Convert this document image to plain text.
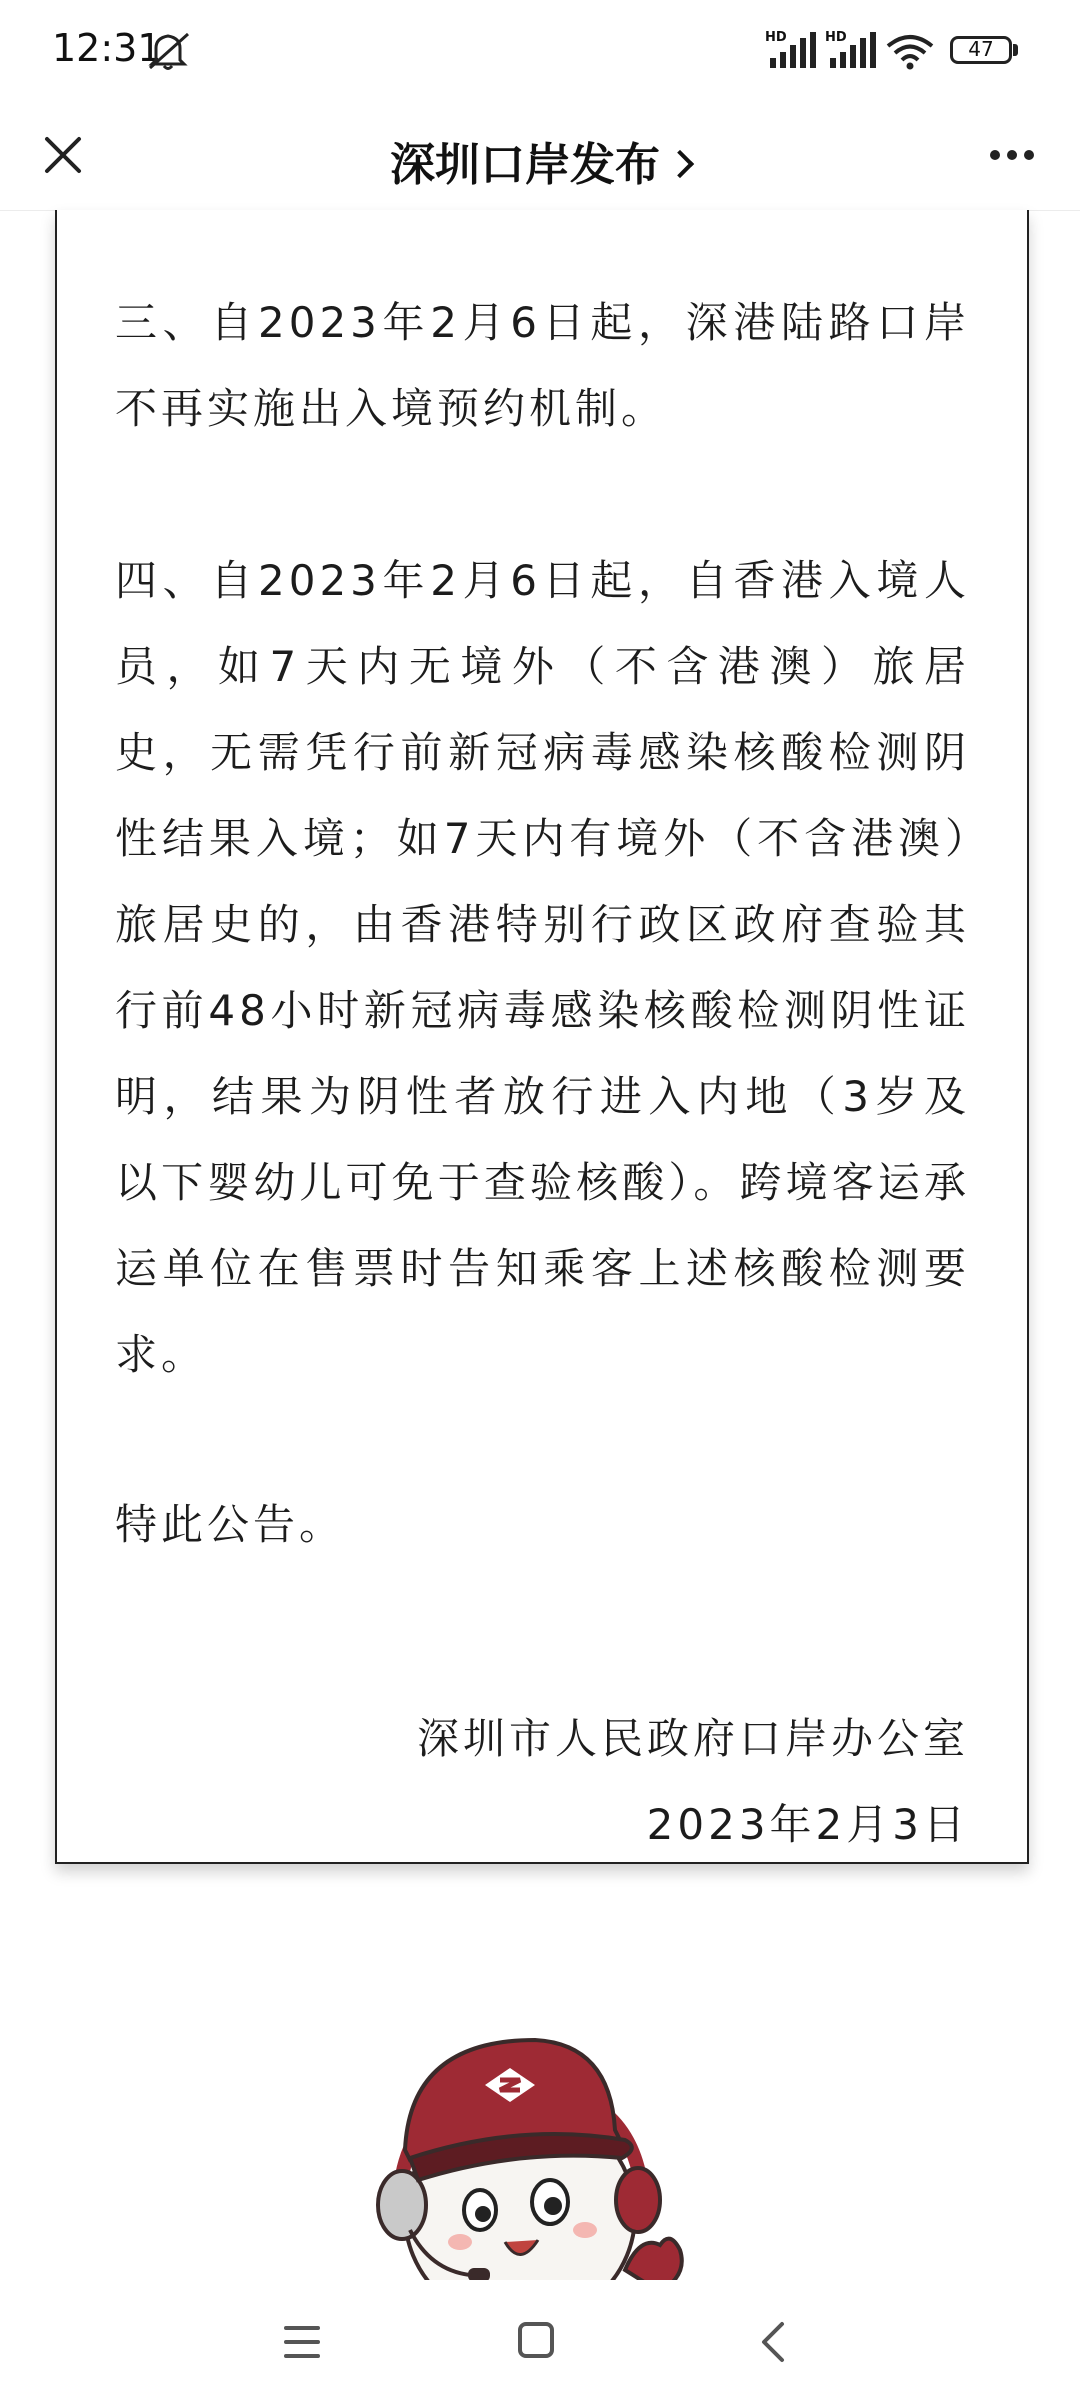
12:31	HD	HD	47
深圳口岸发布

三、自2023年2月6日起，深港陆路口岸不再实施出入境预约机制。

四、自2023年2月6日起，自香港入境人员，如7天内无境外（不含港澳）旅居史，无需凭行前新冠病毒感染核酸检测阴性结果入境；如7天内有境外（不含港澳）旅居史的，由香港特别行政区政府查验其行前48小时新冠病毒感染核酸检测阴性证明，结果为阴性者放行进入内地（3岁及以下婴幼儿可免于查验核酸）。跨境客运承运单位在售票时告知乘客上述核酸检测要求。

特此公告。

深圳市人民政府口岸办公室
2023年2月3日
